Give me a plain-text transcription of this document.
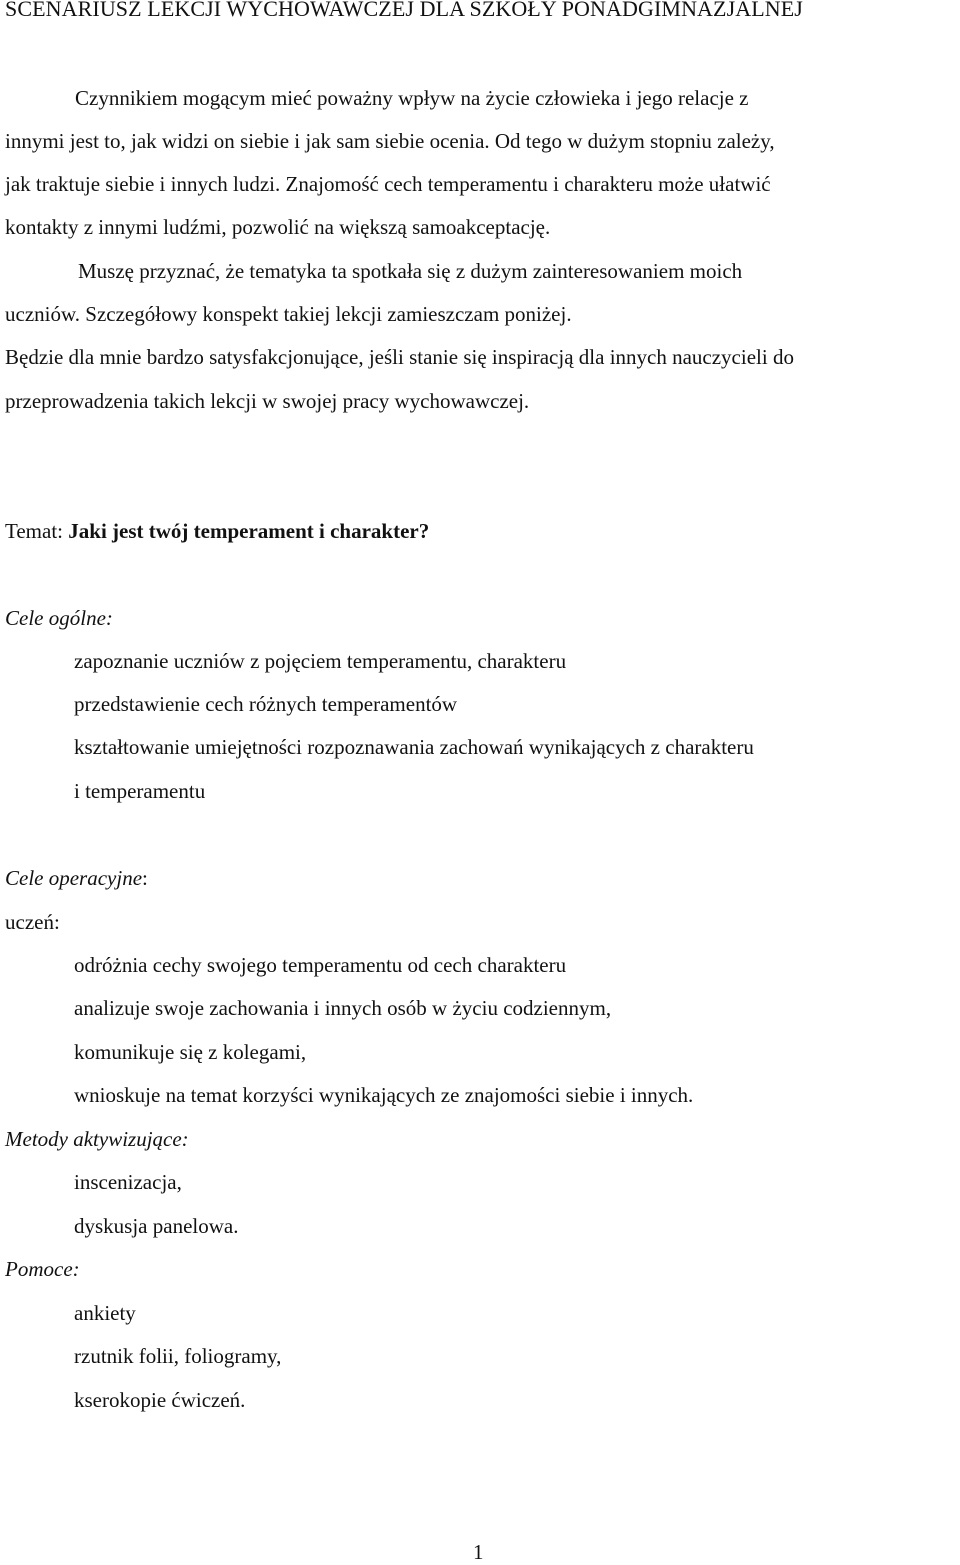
SCENARIUSZ LEKCJI WYCHOWAWCZEJ DLA SZKOŁY PONADGIMNAZJALNEJ
Czynnikiem mogącym mieć poważny wpływ na życie człowieka i jego relacje z
innymi jest to, jak widzi on siebie i jak sam siebie ocenia. Od tego w dużym stopniu zależy,
jak traktuje siebie i innych ludzi. Znajomość cech temperamentu i charakteru może ułatwić
kontakty z innymi ludźmi, pozwolić na większą samoakceptację.
Muszę przyznać, że tematyka ta spotkała się z dużym zainteresowaniem moich
uczniów. Szczegółowy konspekt takiej lekcji zamieszczam poniżej.
Będzie dla mnie bardzo satysfakcjonujące, jeśli stanie się inspiracją dla innych nauczycieli do
przeprowadzenia takich lekcji w swojej pracy wychowawczej.
Temat: Jaki jest twój temperament i charakter?
Cele ogólne:
zapoznanie uczniów z pojęciem temperamentu, charakteru
przedstawienie cech różnych temperamentów
kształtowanie umiejętności rozpoznawania zachowań wynikających z charakteru
i temperamentu
Cele operacyjne:
uczeń:
odróżnia cechy swojego temperamentu od cech charakteru
analizuje swoje zachowania i innych osób w życiu codziennym,
komunikuje się z kolegami,
wnioskuje na temat korzyści wynikających ze znajomości siebie i innych.
Metody aktywizujące:
inscenizacja,
dyskusja panelowa.
Pomoce:
ankiety
rzutnik folii, foliogramy,
kserokopie ćwiczeń.
1
